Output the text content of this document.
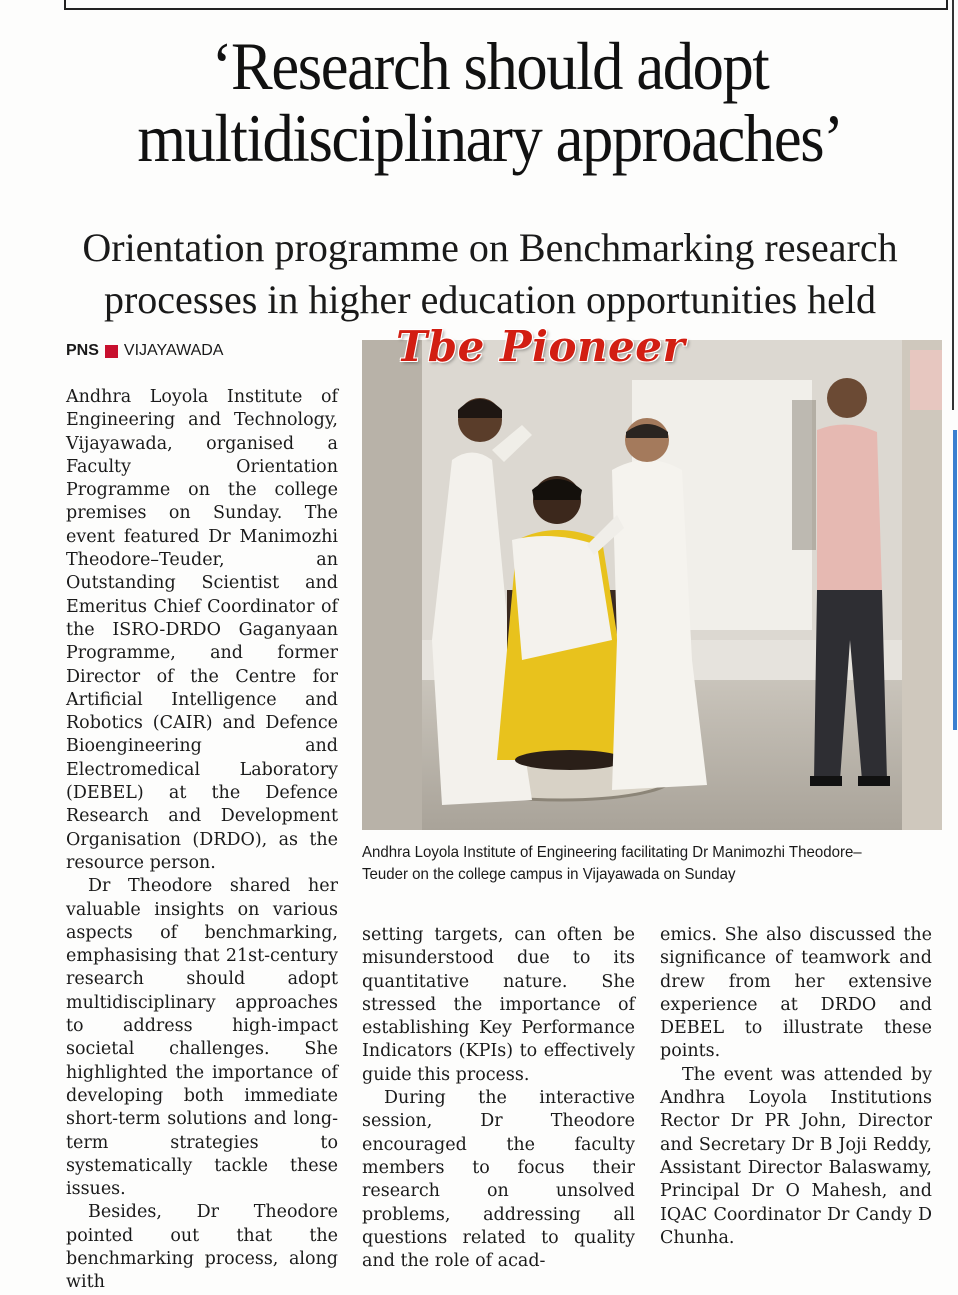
‘Research should adopt multidisciplinary approaches’
Orientation programme on Benchmarking research processes in higher education opportunities held
PNS VIJAYAWADA	Tbe Pioneer
Andhra Loyola Institute of Engineering facilitating Dr Manimozhi Theodore–Teuder on the college campus in Vijayawada on Sunday

Andhra Loyola Institute of Engineering and Technology, Vijayawada, organised a Faculty Orientation Programme on the college premises on Sunday. The event featured Dr Manimozhi Theodore–Teuder, an Outstanding Scientist and Emeritus Chief Coordinator of the ISRO-DRDO Gaganyaan Programme, and former Director of the Centre for Artificial Intelligence and Robotics (CAIR) and Defence Bioengineering and Electromedical Laboratory (DEBEL) at the Defence Research and Development Organisation (DRDO), as the resource person.

Dr Theodore shared her valuable insights on various aspects of benchmarking, emphasising that 21st-century research should adopt multidisciplinary approaches to address high-impact societal challenges. She highlighted the importance of developing both immediate short-term solutions and long-term strategies to systematically tackle these issues.

Besides, Dr Theodore pointed out that the benchmarking process, along with

setting targets, can often be misunderstood due to its quantitative nature. She stressed the importance of establishing Key Performance Indicators (KPIs) to effectively guide this process.

During the interactive session, Dr Theodore encouraged the faculty members to focus their research on unsolved problems, addressing all questions related to quality and the role of acad-

emics. She also discussed the significance of teamwork and drew from her extensive experience at DRDO and DEBEL to illustrate these points.

The event was attended by Andhra Loyola Institutions Rector Dr PR John, Director and Secretary Dr B Joji Reddy, Assistant Director Balaswamy, Principal Dr O Mahesh, and IQAC Coordinator Dr Candy D Chunha.
